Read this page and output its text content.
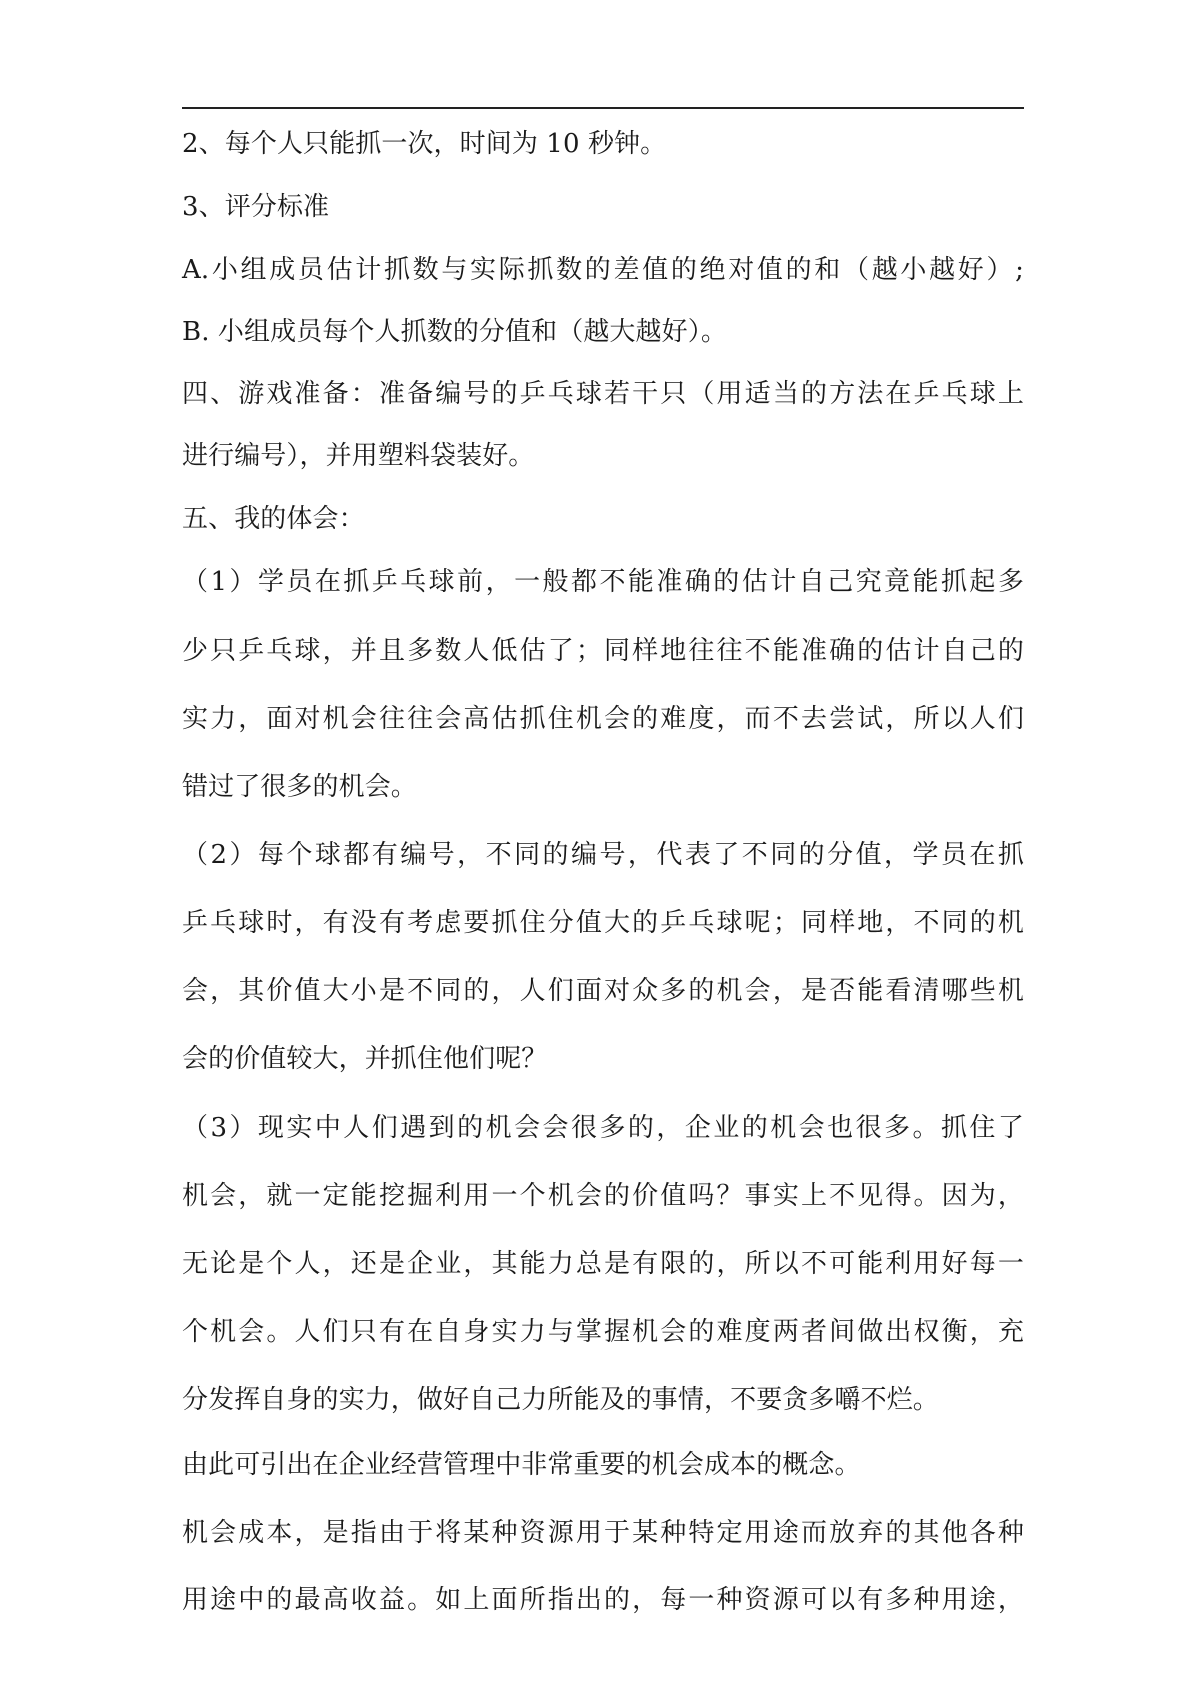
2、每个人只能抓一次，时间为 10 秒钟。
3、评分标准
A.小组成员估计抓数与实际抓数的差值的绝对值的和（越小越好）;
B. 小组成员每个人抓数的分值和（越大越好）。
四、游戏准备：准备编号的乒乓球若干只（用适当的方法在乒乓球上
进行编号），并用塑料袋装好。
五、我的体会：
（1）学员在抓乒乓球前，一般都不能准确的估计自己究竟能抓起多
少只乒乓球，并且多数人低估了；同样地往往不能准确的估计自己的
实力，面对机会往往会高估抓住机会的难度，而不去尝试，所以人们
错过了很多的机会。
（2）每个球都有编号，不同的编号，代表了不同的分值，学员在抓
乒乓球时，有没有考虑要抓住分值大的乒乓球呢；同样地，不同的机
会，其价值大小是不同的，人们面对众多的机会，是否能看清哪些机
会的价值较大，并抓住他们呢？
（3）现实中人们遇到的机会会很多的，企业的机会也很多。抓住了
机会，就一定能挖掘利用一个机会的价值吗？事实上不见得。因为，
无论是个人，还是企业，其能力总是有限的，所以不可能利用好每一
个机会。人们只有在自身实力与掌握机会的难度两者间做出权衡，充
分发挥自身的实力，做好自己力所能及的事情，不要贪多嚼不烂。
由此可引出在企业经营管理中非常重要的机会成本的概念。
机会成本，是指由于将某种资源用于某种特定用途而放弃的其他各种
用途中的最高收益。如上面所指出的，每一种资源可以有多种用途，
